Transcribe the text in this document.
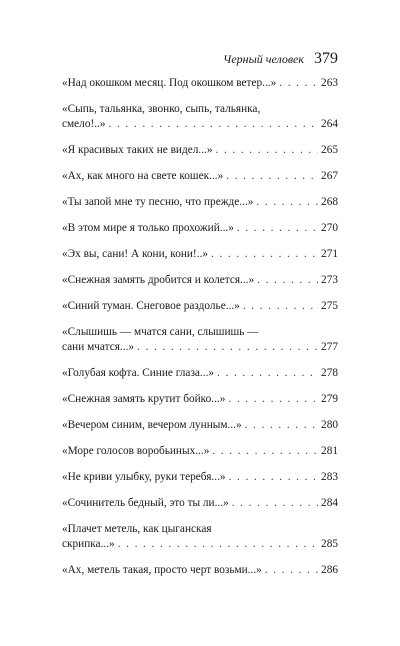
Черный человек 379
«Над окошком месяц. Под окошком ветер...» . . .	263
«Сыпь, тальянка, звонко, сыпь, тальянка,
смело!..» . . .	264
«Я красивых таких не видел...» . . .	265
«Ах, как много на свете кошек...» . . .	267
«Ты запой мне ту песню, что прежде...» . . .	268
«В этом мире я только прохожий...» . . .	270
«Эх вы, сани! А кони, кони!..» . . .	271
«Снежная замять дробится и колется...» . . .	273
«Синий туман. Снеговое раздолье...» . . .	275
«Слышишь — мчатся сани, слышишь —
сани мчатся...» . . .	277
«Голубая кофта. Синие глаза...» . . .	278
«Снежная замять крутит бойко...» . . .	279
«Вечером синим, вечером лунным...» . . .	280
«Море голосов воробьиных...» . . .	281
«Не криви улыбку, руки теребя...» . . .	283
«Сочинитель бедный, это ты ли...» . . .	284
«Плачет метель, как цыганская
скрипка...» . . .	285
«Ах, метель такая, просто черт возьми...» . . .	286
